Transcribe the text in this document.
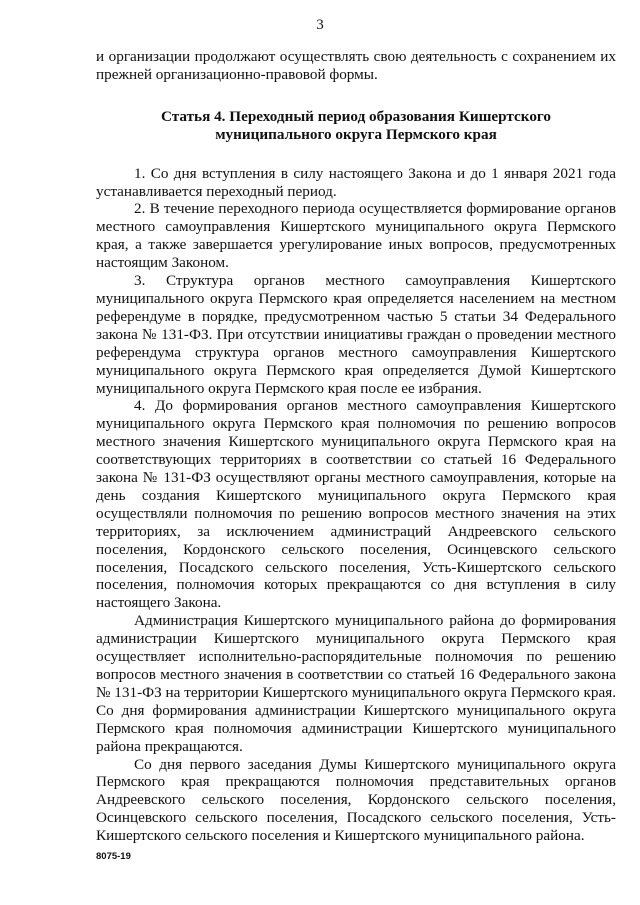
3

и организации продолжают осуществлять свою деятельность с сохранением их прежней организационно-правовой формы.

Статья 4. Переходный период образования Кишертского
муниципального округа Пермского края

1. Со дня вступления в силу настоящего Закона и до 1 января 2021 года устанавливается переходный период.

2. В течение переходного периода осуществляется формирование органов местного самоуправления Кишертского муниципального округа Пермского края, а также завершается урегулирование иных вопросов, предусмотренных настоящим Законом.

3. Структура органов местного самоуправления Кишертского муниципального округа Пермского края определяется населением на местном референдуме в порядке, предусмотренном частью 5 статьи 34 Федерального закона № 131-ФЗ. При отсутствии инициативы граждан о проведении местного референдума структура органов местного самоуправления Кишертского муниципального округа Пермского края определяется Думой Кишертского муниципального округа Пермского края после ее избрания.

4. До формирования органов местного самоуправления Кишертского муниципального округа Пермского края полномочия по решению вопросов местного значения Кишертского муниципального округа Пермского края на соответствующих территориях в соответствии со статьей 16 Федерального закона № 131-ФЗ осуществляют органы местного самоуправления, которые на день создания Кишертского муниципального округа Пермского края осуществляли полномочия по решению вопросов местного значения на этих территориях, за исключением администраций Андреевского сельского поселения, Кордонского сельского поселения, Осинцевского сельского поселения, Посадского сельского поселения, Усть-Кишертского сельского поселения, полномочия которых прекращаются со дня вступления в силу настоящего Закона.

Администрация Кишертского муниципального района до формирования администрации Кишертского муниципального округа Пермского края осуществляет исполнительно-распорядительные полномочия по решению вопросов местного значения в соответствии со статьей 16 Федерального закона № 131-ФЗ на территории Кишертского муниципального округа Пермского края. Со дня формирования администрации Кишертского муниципального округа Пермского края полномочия администрации Кишертского муниципального района прекращаются.

Со дня первого заседания Думы Кишертского муниципального округа Пермского края прекращаются полномочия представительных органов Андреевского сельского поселения, Кордонского сельского поселения, Осинцевского сельского поселения, Посадского сельского поселения, Усть-Кишертского сельского поселения и Кишертского муниципального района.

8075-19
